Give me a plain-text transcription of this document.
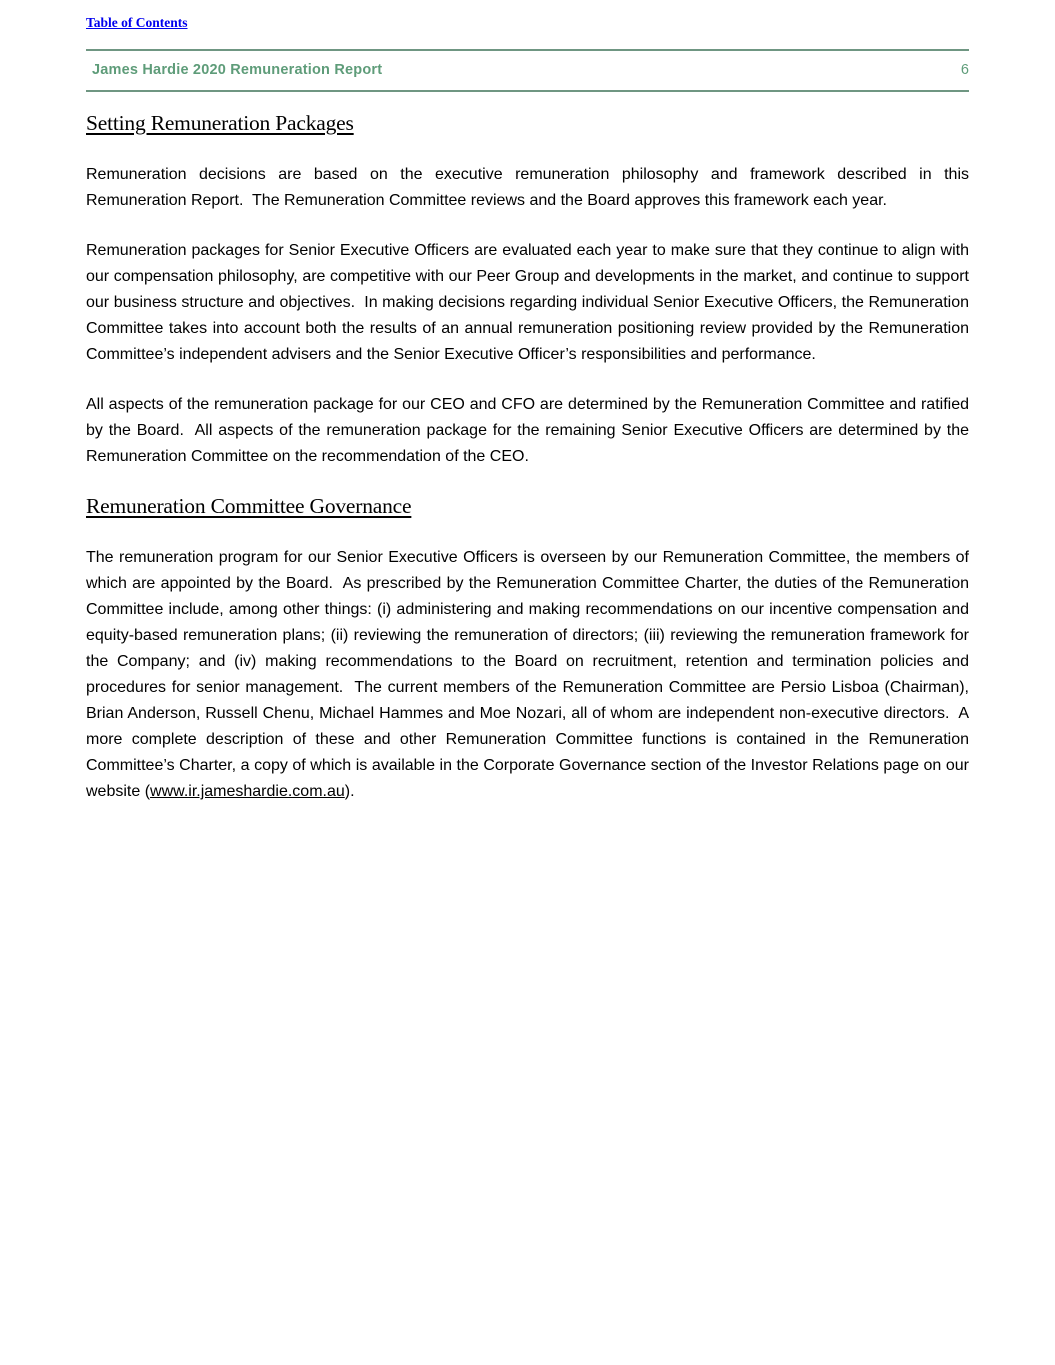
Table of Contents
James Hardie 2020 Remuneration Report	6
Setting Remuneration Packages

Remuneration decisions are based on the executive remuneration philosophy and framework described in this Remuneration Report.  The Remuneration Committee reviews and the Board approves this framework each year.

Remuneration packages for Senior Executive Officers are evaluated each year to make sure that they continue to align with our compensation philosophy, are competitive with our Peer Group and developments in the market, and continue to support our business structure and objectives.  In making decisions regarding individual Senior Executive Officers, the Remuneration Committee takes into account both the results of an annual remuneration positioning review provided by the Remuneration Committee’s independent advisers and the Senior Executive Officer’s responsibilities and performance.

All aspects of the remuneration package for our CEO and CFO are determined by the Remuneration Committee and ratified by the Board.  All aspects of the remuneration package for the remaining Senior Executive Officers are determined by the Remuneration Committee on the recommendation of the CEO.

Remuneration Committee Governance

The remuneration program for our Senior Executive Officers is overseen by our Remuneration Committee, the members of which are appointed by the Board.  As prescribed by the Remuneration Committee Charter, the duties of the Remuneration Committee include, among other things: (i) administering and making recommendations on our incentive compensation and equity-based remuneration plans; (ii) reviewing the remuneration of directors; (iii) reviewing the remuneration framework for the Company; and (iv) making recommendations to the Board on recruitment, retention and termination policies and procedures for senior management.  The current members of the Remuneration Committee are Persio Lisboa (Chairman), Brian Anderson, Russell Chenu, Michael Hammes and Moe Nozari, all of whom are independent non-executive directors.  A more complete description of these and other Remuneration Committee functions is contained in the Remuneration Committee’s Charter, a copy of which is available in the Corporate Governance section of the Investor Relations page on our website (www.ir.jameshardie.com.au).
